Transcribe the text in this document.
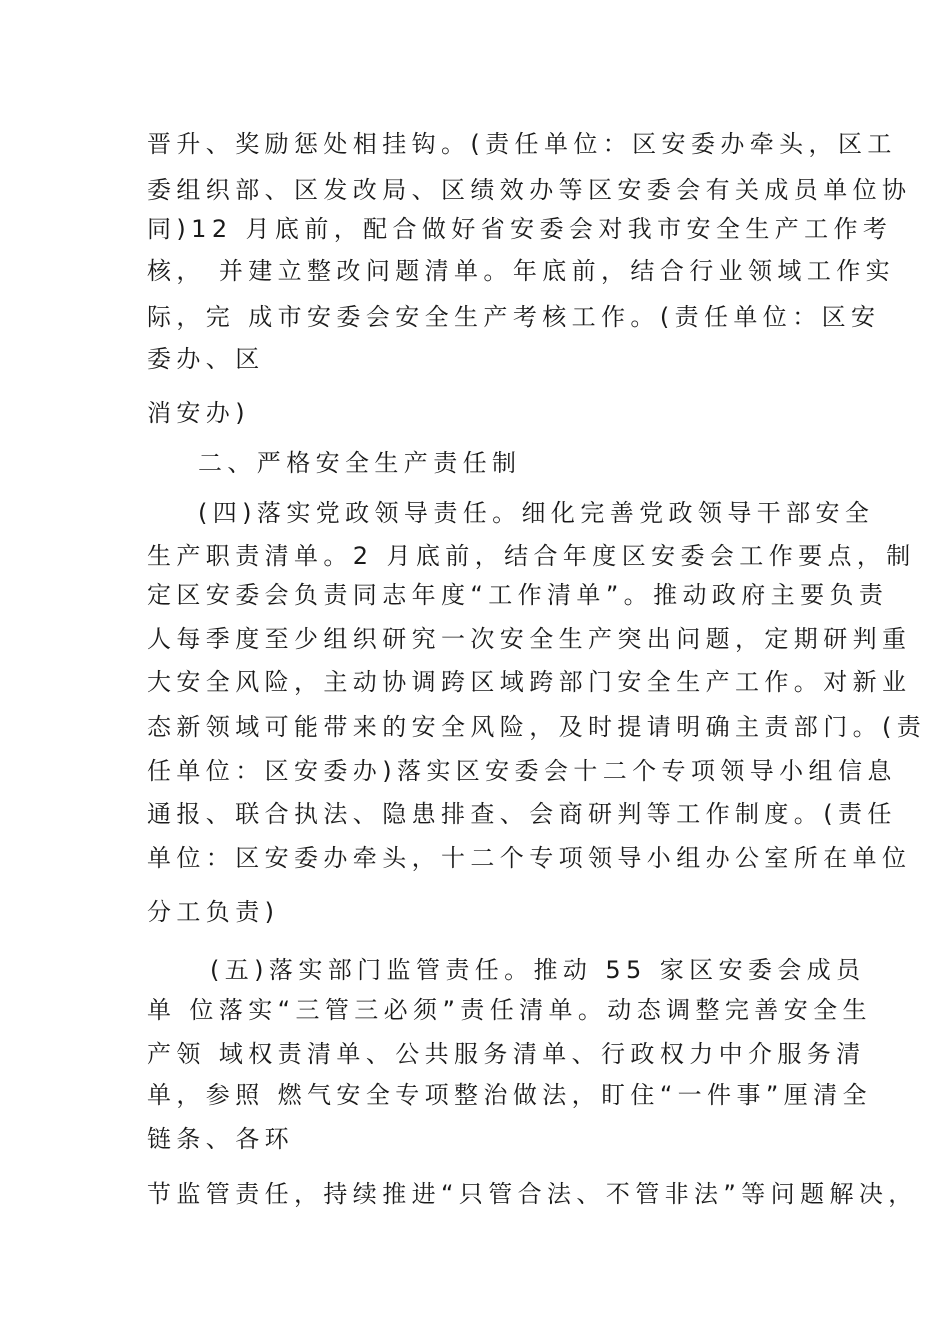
晋升、奖励惩处相挂钩。(责任单位：区安委办牵头，区工

委组织部、区发改局、区绩效办等区安委会有关成员单位协

同)12 月底前，配合做好省安委会对我市安全生产工作考

核， 并建立整改问题清单。年底前，结合行业领域工作实

际，完 成市安委会安全生产考核工作。(责任单位：区安

委办、区

消安办)

二、严格安全生产责任制

(四)落实党政领导责任。细化完善党政领导干部安全

生产职责清单。2 月底前，结合年度区安委会工作要点，制

定区安委会负责同志年度“工作清单”。推动政府主要负责

人每季度至少组织研究一次安全生产突出问题，定期研判重

大安全风险，主动协调跨区域跨部门安全生产工作。对新业

态新领域可能带来的安全风险，及时提请明确主责部门。(责

任单位：区安委办)落实区安委会十二个专项领导小组信息

通报、联合执法、隐患排查、会商研判等工作制度。(责任

单位：区安委办牵头，十二个专项领导小组办公室所在单位

分工负责)

(五)落实部门监管责任。推动 55 家区安委会成员

单 位落实“三管三必须”责任清单。动态调整完善安全生

产领 域权责清单、公共服务清单、行政权力中介服务清

单，参照 燃气安全专项整治做法，盯住“一件事”厘清全

链条、各环

节监管责任，持续推进“只管合法、不管非法”等问题解决，
